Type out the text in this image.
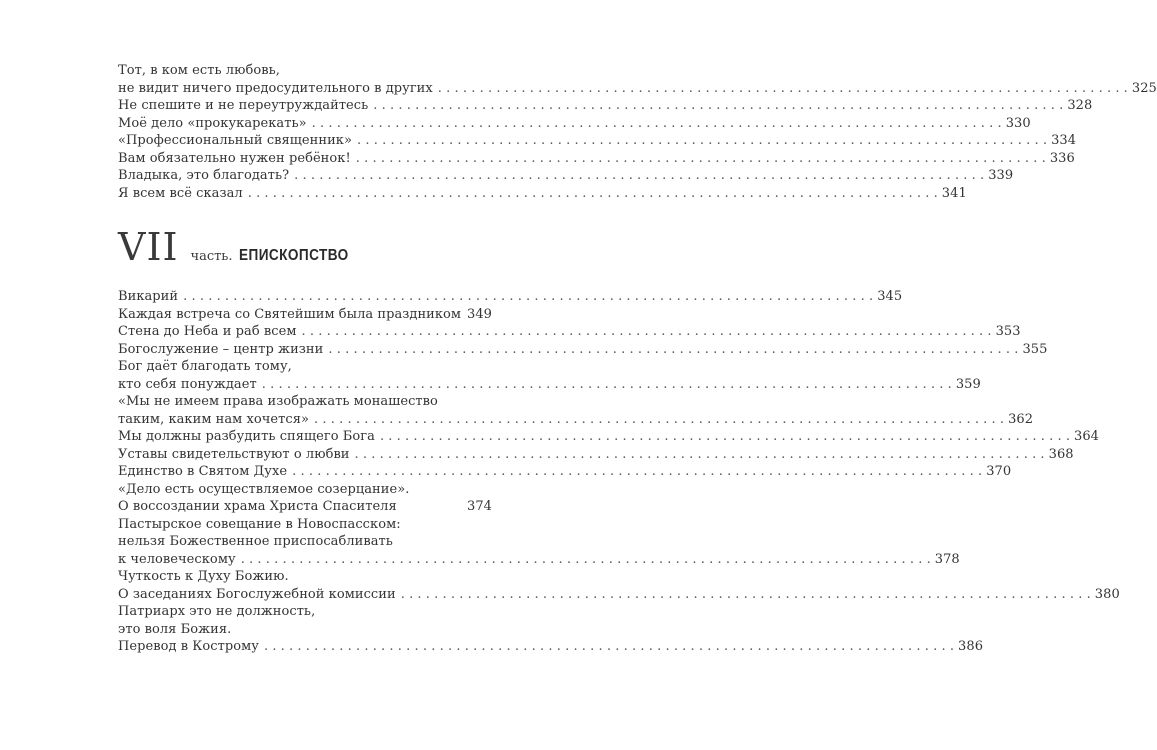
Тот, в ком есть любовь,
не видит ничего предосудительного в других . . .	325
Не спешите и не переутруждайтесь . . .	328
Моё дело «прокукарекать» . . .	330
«Профессиональный священник» . . .	334
Вам обязательно нужен ребёнок! . . .	336
Владыка, это благодать? . . .	339
Я всем всё сказал . . .	341
VII часть. ЕПИСКОПСТВО
Викарий . . .	345
Каждая встреча со Святейшим была праздником 349
Стена до Неба и раб всем . . .	353
Богослужение – центр жизни . . .	355
Бог даёт благодать тому,
кто себя понуждает . . .	359
«Мы не имеем права изображать монашество
таким, каким нам хочется» . . .	362
Мы должны разбудить спящего Бога . . .	364
Уставы свидетельствуют о любви . . .	368
Единство в Святом Духе . . .	370
«Дело есть осуществляемое созерцание».
О воссоздании храма Христа Спасителя	374
Пастырское совещание в Новоспасском:
нельзя Божественное приспосабливать
к человеческому . . .	378
Чуткость к Духу Божию.
О заседаниях Богослужебной комиссии . . .	380
Патриарх это не должность,
это воля Божия.
Перевод в Кострому . . .	386
